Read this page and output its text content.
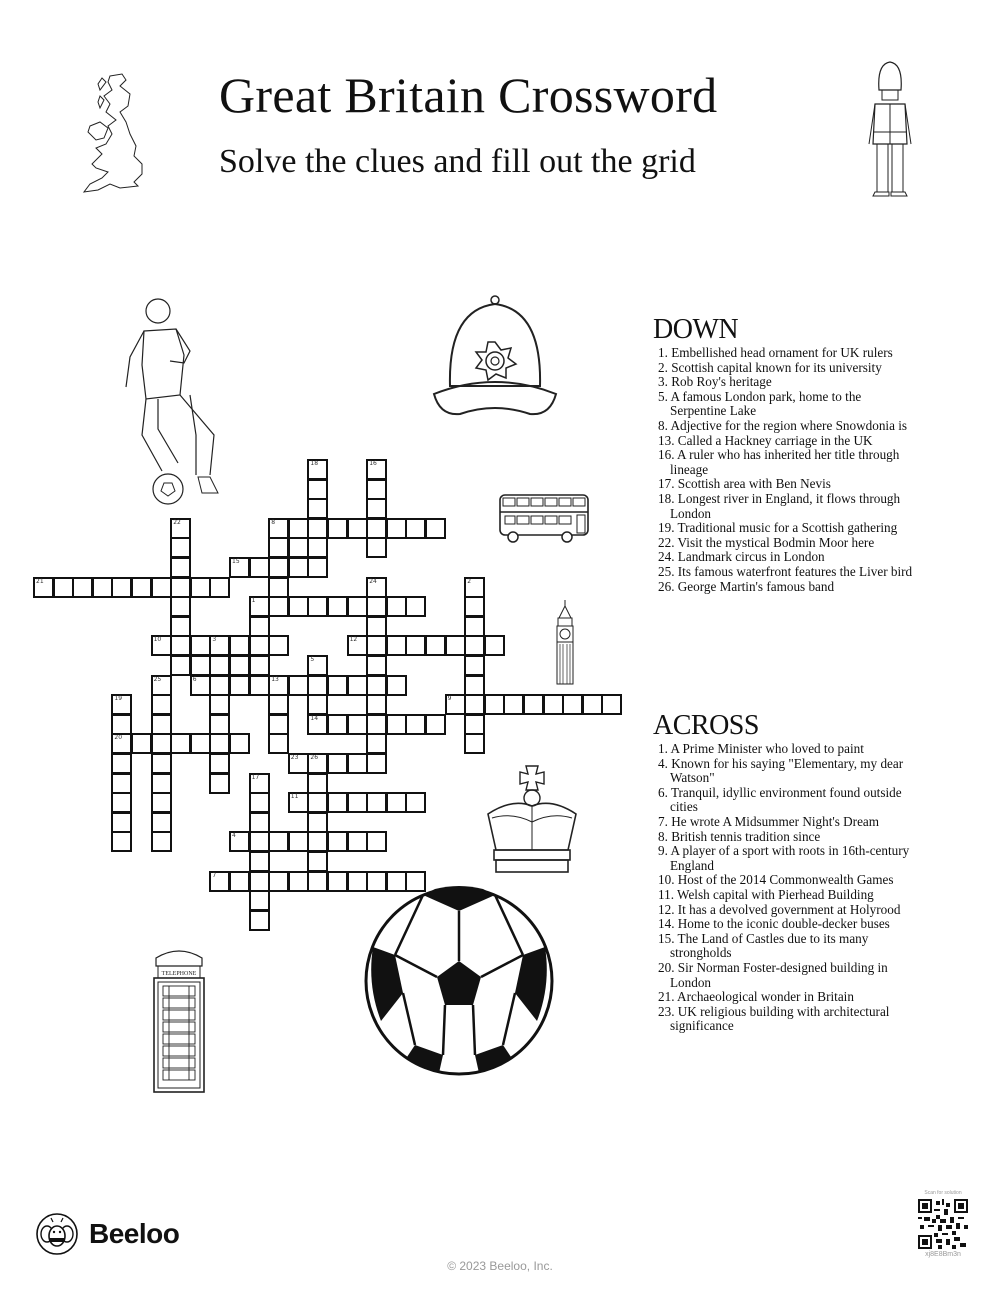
Great Britain Crossword
Solve the clues and fill out the grid
TELEPHONE
1
4
6	13
7
8
9
10	3
11
12
14
15
20
21
23 26
2
5
16
17
18
19
22
24
25
DOWN
1. Embellished head ornament for UK rulers
2. Scottish capital known for its university
3. Rob Roy's heritage
5. A famous London park, home to the Serpentine Lake
8. Adjective for the region where Snowdonia is
13. Called a Hackney carriage in the UK
16. A ruler who has inherited her title through lineage
17. Scottish area with Ben Nevis
18. Longest river in England, it flows through London
19. Traditional music for a Scottish gathering
22. Visit the mystical Bodmin Moor here
24. Landmark circus in London
25. Its famous waterfront features the Liver bird
26. George Martin's famous band
ACROSS
1. A Prime Minister who loved to paint
4. Known for his saying "Elementary, my dear Watson"
6. Tranquil, idyllic environment found outside cities
7. He wrote A Midsummer Night's Dream
8. British tennis tradition since
9. A player of a sport with roots in 16th-century England
10. Host of the 2014 Commonwealth Games
11. Welsh capital with Pierhead Building
12. It has a devolved government at Holyrood
14. Home to the iconic double-decker buses
15. The Land of Castles due to its many strongholds
20. Sir Norman Foster-designed building in London
21. Archaeological wonder in Britain
23. UK religious building with architectural significance
Beeloo
© 2023 Beeloo, Inc.
Scan for solution
xj8E8Bm3n
